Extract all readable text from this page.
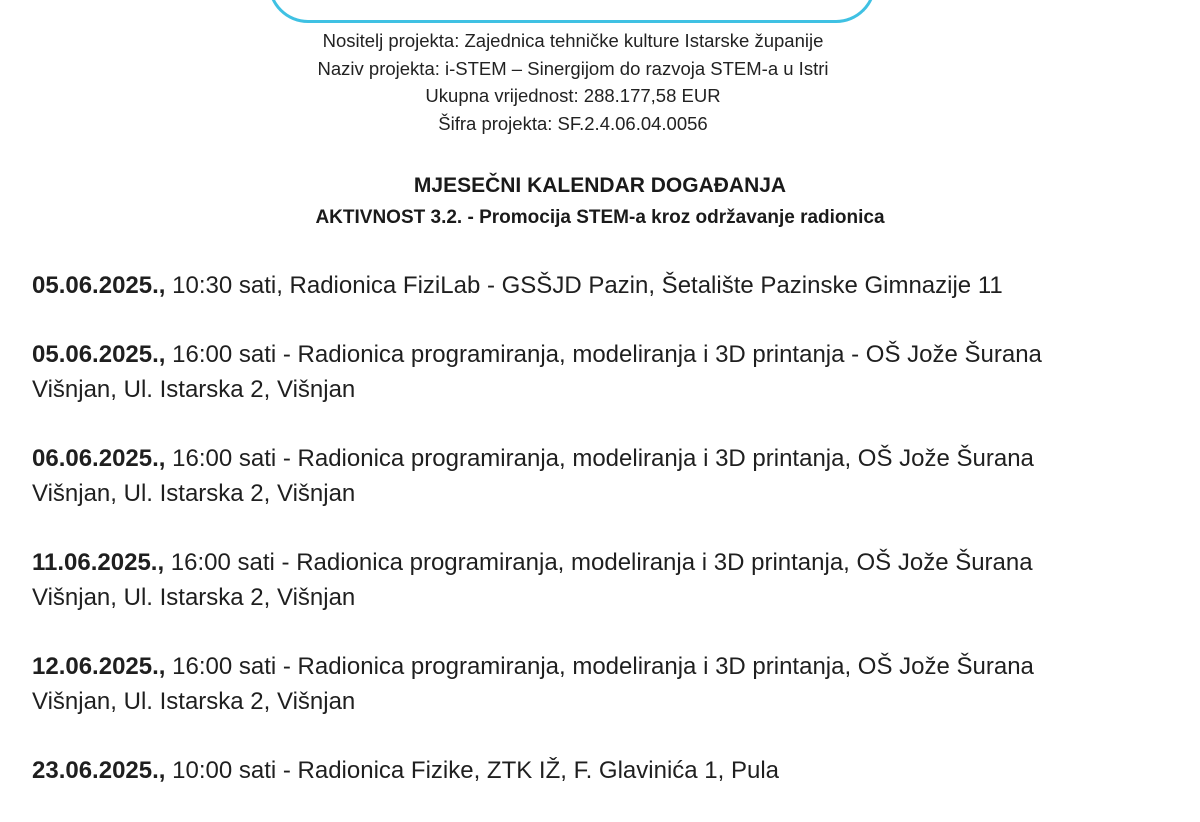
Nositelj projekta: Zajednica tehničke kulture Istarske županije
Naziv projekta: i-STEM – Sinergijom do razvoja STEM-a u Istri
Ukupna vrijednost: 288.177,58 EUR
Šifra projekta: SF.2.4.06.04.0056
MJESEČNI KALENDAR DOGAĐANJA
AKTIVNOST 3.2. - Promocija STEM-a kroz održavanje radionica
05.06.2025., 10:30 sati, Radionica FiziLab - GSŠJD Pazin, Šetalište Pazinske Gimnazije 11
05.06.2025., 16:00 sati - Radionica programiranja, modeliranja i 3D printanja - OŠ Jože Šurana
Višnjan, Ul. Istarska 2, Višnjan
06.06.2025., 16:00 sati - Radionica programiranja, modeliranja i 3D printanja, OŠ Jože Šurana
Višnjan, Ul. Istarska 2, Višnjan
11.06.2025., 16:00 sati - Radionica programiranja, modeliranja i 3D printanja, OŠ Jože Šurana
Višnjan, Ul. Istarska 2, Višnjan
12.06.2025., 16:00 sati - Radionica programiranja, modeliranja i 3D printanja, OŠ Jože Šurana
Višnjan, Ul. Istarska 2, Višnjan
23.06.2025., 10:00 sati - Radionica Fizike, ZTK IŽ, F. Glavinića 1, Pula
